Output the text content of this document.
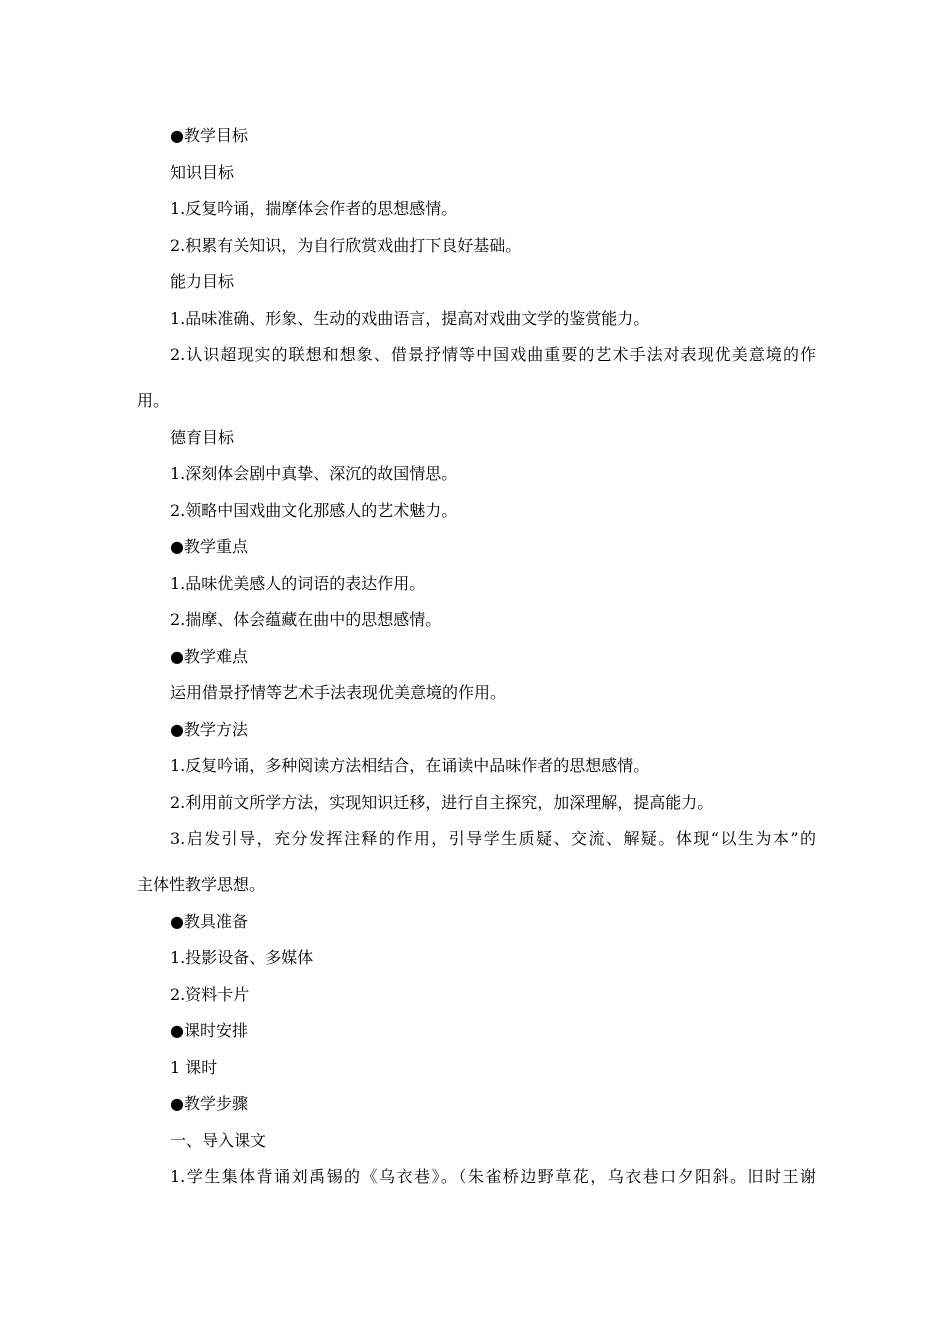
●教学目标
知识目标
1.反复吟诵，揣摩体会作者的思想感情。
2.积累有关知识，为自行欣赏戏曲打下良好基础。
能力目标
1.品味准确、形象、生动的戏曲语言，提高对戏曲文学的鉴赏能力。
2.认识超现实的联想和想象、借景抒情等中国戏曲重要的艺术手法对表现优美意境的作
用。
德育目标
1.深刻体会剧中真挚、深沉的故国情思。
2.领略中国戏曲文化那感人的艺术魅力。
●教学重点
1.品味优美感人的词语的表达作用。
2.揣摩、体会蕴藏在曲中的思想感情。
●教学难点
运用借景抒情等艺术手法表现优美意境的作用。
●教学方法
1.反复吟诵，多种阅读方法相结合，在诵读中品味作者的思想感情。
2.利用前文所学方法，实现知识迁移，进行自主探究，加深理解，提高能力。
3.启发引导，充分发挥注释的作用，引导学生质疑、交流、解疑。体现“以生为本”的
主体性教学思想。
●教具准备
1.投影设备、多媒体
2.资料卡片
●课时安排
1 课时
●教学步骤
一、导入课文
1.学生集体背诵刘禹锡的《乌衣巷》。（朱雀桥边野草花，乌衣巷口夕阳斜。旧时王谢
